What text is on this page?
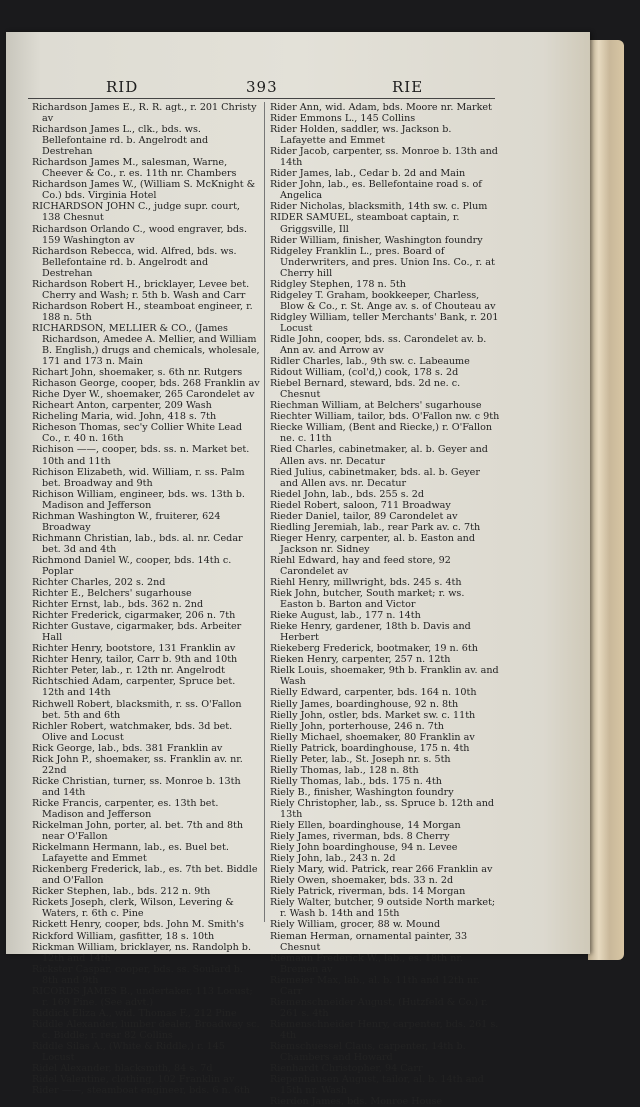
RID	393	RIE
Richardson James E., R. R. agt., r. 201 Christy av
Richardson James L., clk., bds. ws. Bellefontaine rd. b. Angelrodt and Destrehan
Richardson James M., salesman, Warne, Cheever & Co., r. es. 11th nr. Chambers
Richardson James W., (William S. McKnight & Co.) bds. Virginia Hotel
RICHARDSON JOHN C., judge supr. court, 138 Chesnut
Richardson Orlando C., wood engraver, bds. 159 Washington av
Richardson Rebecca, wid. Alfred, bds. ws. Bellefontaine rd. b. Angelrodt and Destrehan
Richardson Robert H., bricklayer, Levee bet. Cherry and Wash; r. 5th b. Wash and Carr
Richardson Robert H., steamboat engineer, r. 188 n. 5th
RICHARDSON, MELLIER & CO., (James Richardson, Amedee A. Mellier, and William B. English,) drugs and chemicals, wholesale, 171 and 173 n. Main
Richart John, shoemaker, s. 6th nr. Rutgers
Richason George, cooper, bds. 268 Franklin av
Riche Dyer W., shoemaker, 265 Carondelet av
Richeart Anton, carpenter, 209 Wash
Richeling Maria, wid. John, 418 s. 7th
Richeson Thomas, sec'y Collier White Lead Co., r. 40 n. 16th
Richison ——, cooper, bds. ss. n. Market bet. 10th and 11th
Richison Elizabeth, wid. William, r. ss. Palm bet. Broadway and 9th
Richison William, engineer, bds. ws. 13th b. Madison and Jefferson
Richman Washington W., fruiterer, 624 Broadway
Richmann Christian, lab., bds. al. nr. Cedar bet. 3d and 4th
Richmond Daniel W., cooper, bds. 14th c. Poplar
Richter Charles, 202 s. 2nd
Richter E., Belchers' sugarhouse
Richter Ernst, lab., bds. 362 n. 2nd
Richter Frederick, cigarmaker, 206 n. 7th
Richter Gustave, cigarmaker, bds. Arbeiter Hall
Richter Henry, bootstore, 131 Franklin av
Richter Henry, tailor, Carr b. 9th and 10th
Richter Peter, lab., r. 12th nr. Angelrodt
Richtschied Adam, carpenter, Spruce bet. 12th and 14th
Richwell Robert, blacksmith, r. ss. O'Fallon bet. 5th and 6th
Richler Robert, watchmaker, bds. 3d bet. Olive and Locust
Rick George, lab., bds. 381 Franklin av
Rick John P., shoemaker, ss. Franklin av. nr. 22nd
Ricke Christian, turner, ss. Monroe b. 13th and 14th
Ricke Francis, carpenter, es. 13th bet. Madison and Jefferson
Rickelman John, porter, al. bet. 7th and 8th near O'Fallon
Rickelmann Hermann, lab., es. Buel bet. Lafayette and Emmet
Rickenberg Frederick, lab., es. 7th bet. Biddle and O'Fallon
Ricker Stephen, lab., bds. 212 n. 9th
Rickets Joseph, clerk, Wilson, Levering & Waters, r. 6th c. Pine
Rickett Henry, cooper, bds. John M. Smith's
Rickford William, gasfitter, 18 s. 10th
Rickman William, bricklayer, ns. Randolph b. 12th and 14th
Rickster Caspar, cooper, bds. ss. Soulard b. 8th and 9th
RICORDS JAMES B., undertaker, 113 Locust; r. 169 Pine. (See advt.)
Riddick Eliza A., wid. Thomas F., 212 Pine
Riddle Alexander, lumber dealer, Broadway sc. c. Biddle; r. rear 82 Collins
Riddle Silas A., (White & Riddle,) r. 145 Locust
Ridel Alexander, blacksmith, 84 s. 7d
Ridel Valentine, clothing, 102 Franklin av
Rider ——, steamboat engineer, bds. 6 n. 6th
Rider Ann, wid. Adam, bds. Moore nr. Market
Rider Emmons L., 145 Collins
Rider Holden, saddler, ws. Jackson b. Lafayette and Emmet
Rider Jacob, carpenter, ss. Monroe b. 13th and 14th
Rider James, lab., Cedar b. 2d and Main
Rider John, lab., es. Bellefontaine road s. of Angelica
Rider Nicholas, blacksmith, 14th sw. c. Plum
RIDER SAMUEL, steamboat captain, r. Griggsville, Ill
Rider William, finisher, Washington foundry
Ridgeley Franklin L., pres. Board of Underwriters, and pres. Union Ins. Co., r. at Cherry hill
Ridgley Stephen, 178 n. 5th
Ridgeley T. Graham, bookkeeper, Charless, Blow & Co., r. St. Ange av. s. of Chouteau av
Ridgley William, teller Merchants' Bank, r. 201 Locust
Ridle John, cooper, bds. ss. Carondelet av. b. Ann av. and Arrow av
Ridler Charles, lab., 9th sw. c. Labeaume
Ridout William, (col'd,) cook, 178 s. 2d
Riebel Bernard, steward, bds. 2d ne. c. Chesnut
Riechman William, at Belchers' sugarhouse
Riechter William, tailor, bds. O'Fallon nw. c 9th
Riecke William, (Bent and Riecke,) r. O'Fallon ne. c. 11th
Ried Charles, cabinetmaker, al. b. Geyer and Allen avs. nr. Decatur
Ried Julius, cabinetmaker, bds. al. b. Geyer and Allen avs. nr. Decatur
Riedel John, lab., bds. 255 s. 2d
Riedel Robert, saloon, 711 Broadway
Rieder Daniel, tailor, 89 Carondelet av
Riedling Jeremiah, lab., rear Park av. c. 7th
Rieger Henry, carpenter, al. b. Easton and Jackson nr. Sidney
Riehl Edward, hay and feed store, 92 Carondelet av
Riehl Henry, millwright, bds. 245 s. 4th
Riek John, butcher, South market; r. ws. Easton b. Barton and Victor
Rieke August, lab., 177 n. 14th
Rieke Henry, gardener, 18th b. Davis and Herbert
Riekeberg Frederick, bootmaker, 19 n. 6th
Rieken Henry, carpenter, 257 n. 12th
Rielk Louis, shoemaker, 9th b. Franklin av. and Wash
Rielly Edward, carpenter, bds. 164 n. 10th
Rielly James, boardinghouse, 92 n. 8th
Rielly John, ostler, bds. Market sw. c. 11th
Rielly John, porterhouse, 246 n. 7th
Rielly Michael, shoemaker, 80 Franklin av
Rielly Patrick, boardinghouse, 175 n. 4th
Rielly Peter, lab., St. Joseph nr. s. 5th
Rielly Thomas, lab., 128 n. 8th
Rielly Thomas, lab., bds. 175 n. 4th
Riely B., finisher, Washington foundry
Riely Christopher, lab., ss. Spruce b. 12th and 13th
Riely Ellen, boardinghouse, 14 Morgan
Riely James, riverman, bds. 8 Cherry
Riely John boardinghouse, 94 n. Levee
Riely John, lab., 243 n. 2d
Riely Mary, wid. Patrick, rear 266 Franklin av
Riely Owen, shoemaker, bds. 33 n. 2d
Riely Patrick, riverman, bds. 14 Morgan
Riely Walter, butcher, 9 outside North market; r. Wash b. 14th and 15th
Riely William, grocer, 88 w. Mound
Rieman Herman, ornamental painter, 33 Chesnut
Riemann Frederick W., lab., es. 18th nr. Bremen av
Riemeier Max, lab., al. b. 11th and 12th nr. Carr
Riemenschneider August, (Hutzfeld & Co.) r. 261 s. 4th
Riemenschneider Henry, carpenter, bds. 261 s. 4th
Riemschuessel Claus, carpenter, 14th b. Chambers and Howard
Rienhardt Christopher, 94 Carr
Riepenhausen August, tailor, al. b. 14th and 15th nr. Wash
Rierdon James, bds. Monroe House
